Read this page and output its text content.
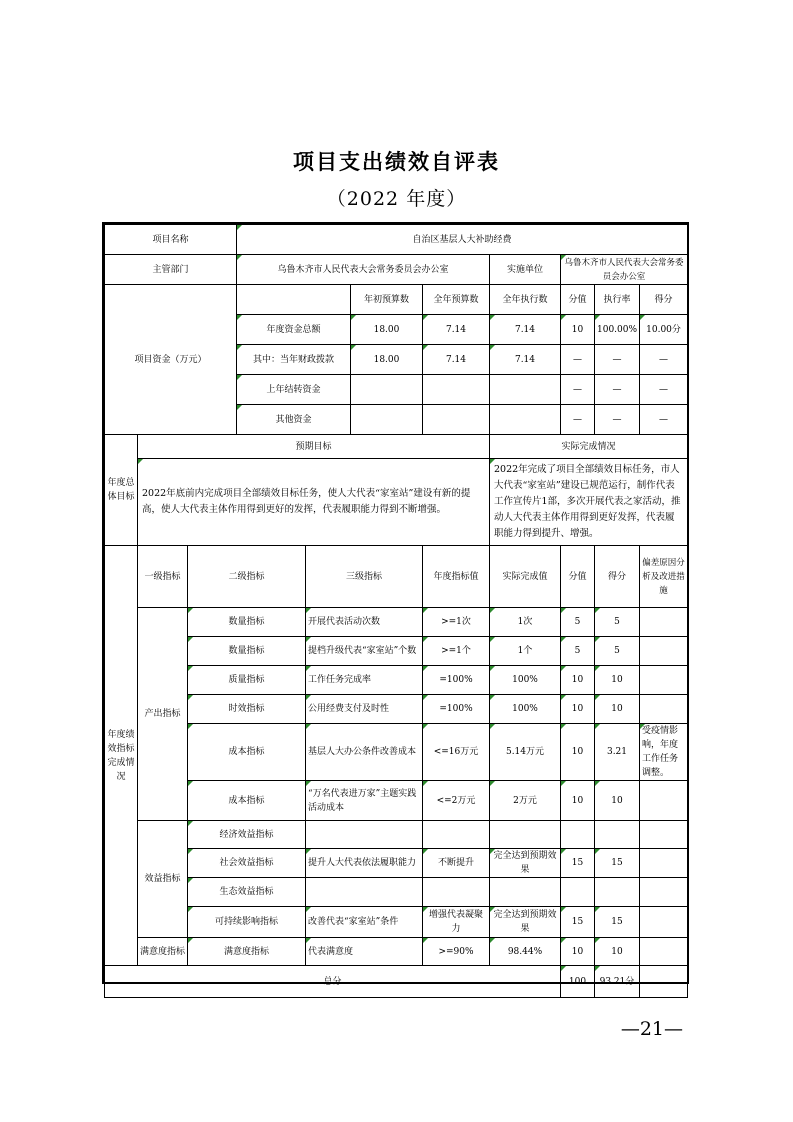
项目支出绩效自评表
（2022 年度）
项目名称			自治区基层人大补助经费							
主管部门			乌鲁木齐市人民代表大会常务委员会办公室				实施单位	乌鲁木齐市人民代表大会常务委员会办公室		
项目资金（万元）					年初预算数	全年预算数	全年执行数	分值	执行率	得分
			年度资金总额		18.00	7.14	7.14	10	100.00%	10.00分
			其中：当年财政拨款		18.00	7.14	7.14	—	—	—
			上年结转资金					—	—	—
			其他资金					—	—	—
年度总体目标	预期目标						实际完成情况			
	2022年底前内完成项目全部绩效目标任务，使人大代表“家室站”建设有新的提高，使人大代表主体作用得到更好的发挥，代表履职能力得到不断增强。						2022年完成了项目全部绩效目标任务，市人大代表“家室站”建设已规范运行，制作代表工作宣传片1部，多次开展代表之家活动，推动人大代表主体作用得到更好发挥，代表履职能力得到提升、增强。			
年度绩效指标完成情况	一级指标	二级指标		三级指标		年度指标值	实际完成值	分值	得分	偏差原因分析及改进措施
	产出指标	数量指标		开展代表活动次数		>=1次	1次	5	5	
		数量指标		提档升级代表“家室站”个数		>=1个	1个	5	5	
		质量指标		工作任务完成率		=100%	100%	10	10	
		时效指标		公用经费支付及时性		=100%	100%	10	10	
		成本指标		基层人大办公条件改善成本		<=16万元	5.14万元	10	3.21	受疫情影响，年度工作任务调整。
		成本指标		“万名代表进万家”主题实践活动成本		<=2万元	2万元	10	10	
	效益指标	经济效益指标								
		社会效益指标		提升人大代表依法履职能力		不断提升	完全达到预期效果	15	15	
		生态效益指标								
		可持续影响指标		改善代表“家室站”条件		增强代表凝聚力	完全达到预期效果	15	15	
	满意度指标	满意度指标		代表满意度		>=90%	98.44%	10	10	
总分								100	93.21分	
—21—
